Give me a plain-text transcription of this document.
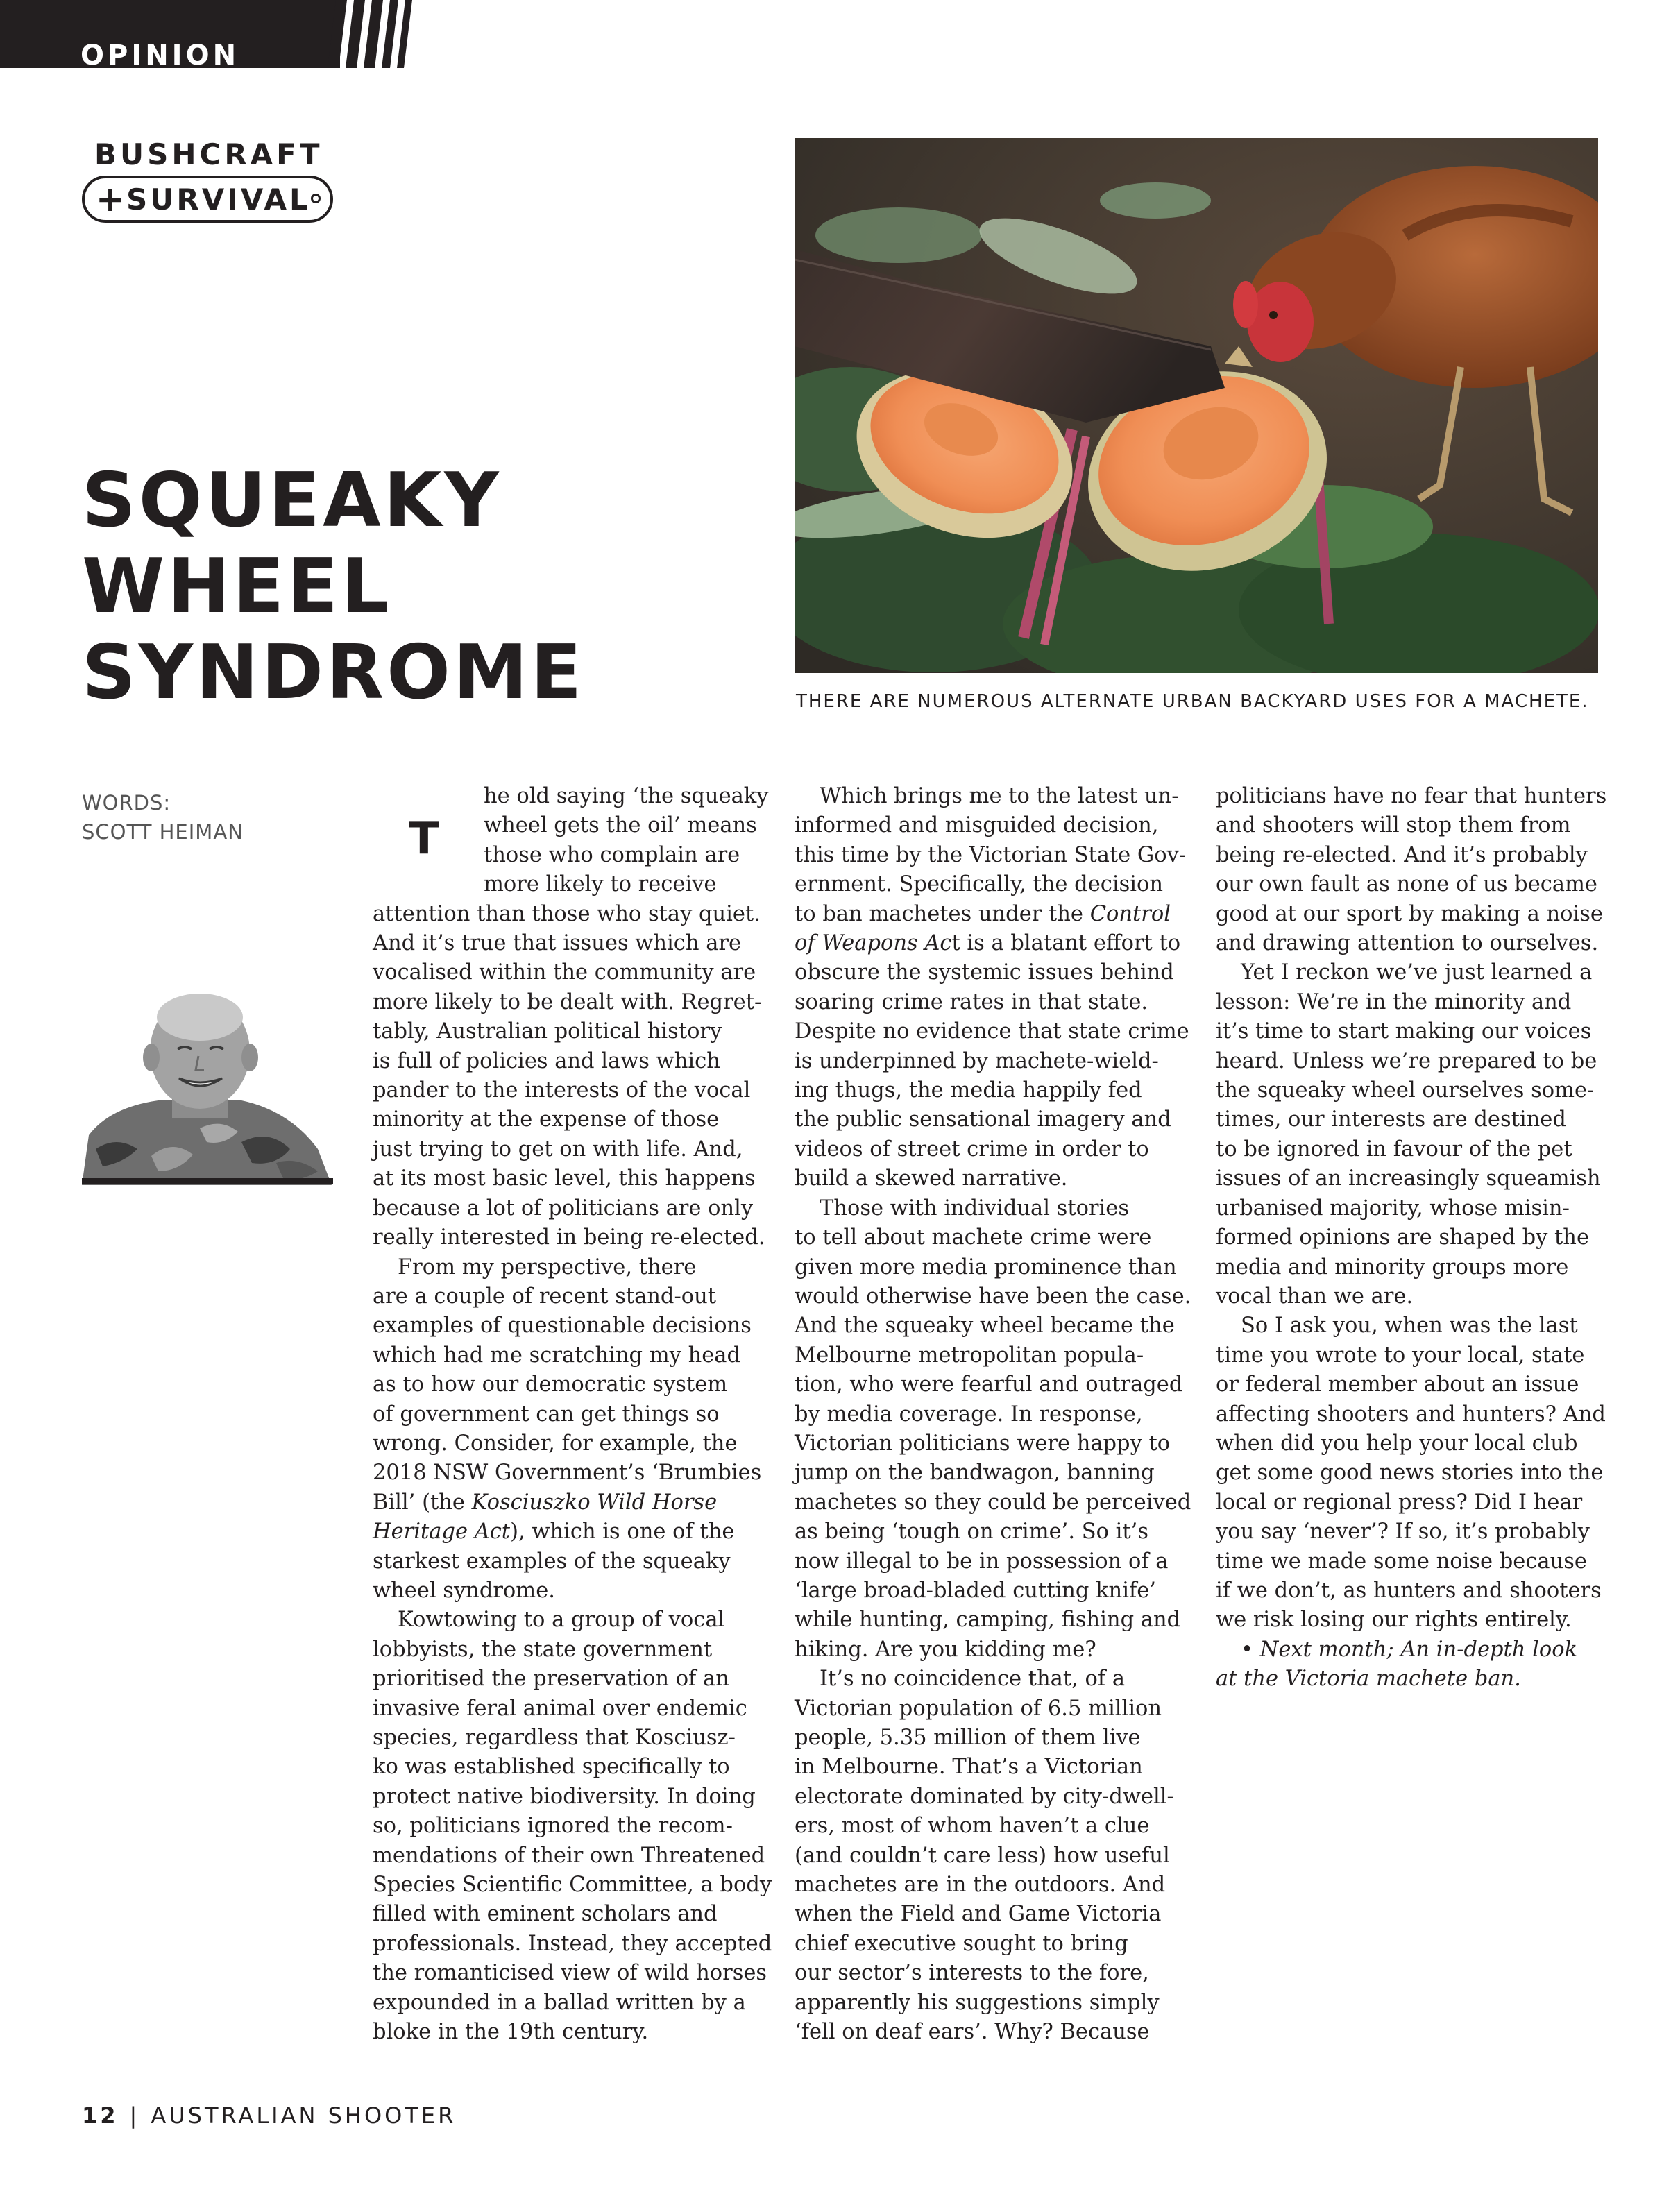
OPINION
BUSHCRAFT
+ SURVIVAL
SQUEAKY
WHEEL
SYNDROME	THERE ARE NUMEROUS ALTERNATE URBAN BACKYARD USES FOR A MACHETE.
WORDS:
SCOTT HEIMAN	T
he old saying ‘the squeaky
wheel gets the oil’ means
those who complain are
more likely to receive

attention than those who stay quiet.
And it’s true that issues which are
vocalised within the community are
more likely to be dealt with. Regret-
tably, Australian political history
is full of policies and laws which
pander to the interests of the vocal
minority at the expense of those
just trying to get on with life. And,
at its most basic level, this happens
because a lot of politicians are only
really interested in being re-elected.

From my perspective, there
are a couple of recent stand-out
examples of questionable decisions
which had me scratching my head
as to how our democratic system
of government can get things so
wrong. Consider, for example, the
2018 NSW Government’s ‘Brumbies
Bill’ (the Kosciuszko Wild Horse
Heritage Act), which is one of the
starkest examples of the squeaky
wheel syndrome.

Kowtowing to a group of vocal
lobbyists, the state government
prioritised the preservation of an
invasive feral animal over endemic
species, regardless that Kosciusz-
ko was established specifically to
protect native biodiversity. In doing
so, politicians ignored the recom-
mendations of their own Threatened
Species Scientific Committee, a body
filled with eminent scholars and
professionals. Instead, they accepted
the romanticised view of wild horses
expounded in a ballad written by a
bloke in the 19th century.

Which brings me to the latest un-
informed and misguided decision,
this time by the Victorian State Gov-
ernment. Specifically, the decision
to ban machetes under the Control
of Weapons Act is a blatant effort to
obscure the systemic issues behind
soaring crime rates in that state.
Despite no evidence that state crime
is underpinned by machete-wield-
ing thugs, the media happily fed
the public sensational imagery and
videos of street crime in order to
build a skewed narrative.

Those with individual stories
to tell about machete crime were
given more media prominence than
would otherwise have been the case.
And the squeaky wheel became the
Melbourne metropolitan popula-
tion, who were fearful and outraged
by media coverage. In response,
Victorian politicians were happy to
jump on the bandwagon, banning
machetes so they could be perceived
as being ‘tough on crime’. So it’s
now illegal to be in possession of a
‘large broad-bladed cutting knife’
while hunting, camping, fishing and
hiking. Are you kidding me?

It’s no coincidence that, of a
Victorian population of 6.5 million
people, 5.35 million of them live
in Melbourne. That’s a Victorian
electorate dominated by city-dwell-
ers, most of whom haven’t a clue
(and couldn’t care less) how useful
machetes are in the outdoors. And
when the Field and Game Victoria
chief executive sought to bring
our sector’s interests to the fore,
apparently his suggestions simply
‘fell on deaf ears’. Why? Because

politicians have no fear that hunters
and shooters will stop them from
being re-elected. And it’s probably
our own fault as none of us became
good at our sport by making a noise
and drawing attention to ourselves.

Yet I reckon we’ve just learned a
lesson: We’re in the minority and
it’s time to start making our voices
heard. Unless we’re prepared to be
the squeaky wheel ourselves some-
times, our interests are destined
to be ignored in favour of the pet
issues of an increasingly squeamish
urbanised majority, whose misin-
formed opinions are shaped by the
media and minority groups more
vocal than we are.

So I ask you, when was the last
time you wrote to your local, state
or federal member about an issue
affecting shooters and hunters? And
when did you help your local club
get some good news stories into the
local or regional press? Did I hear
you say ‘never’? If so, it’s probably
time we made some noise because
if we don’t, as hunters and shooters
we risk losing our rights entirely.

• Next month; An in-depth look
at the Victoria machete ban.

12 | AUSTRALIAN SHOOTER
